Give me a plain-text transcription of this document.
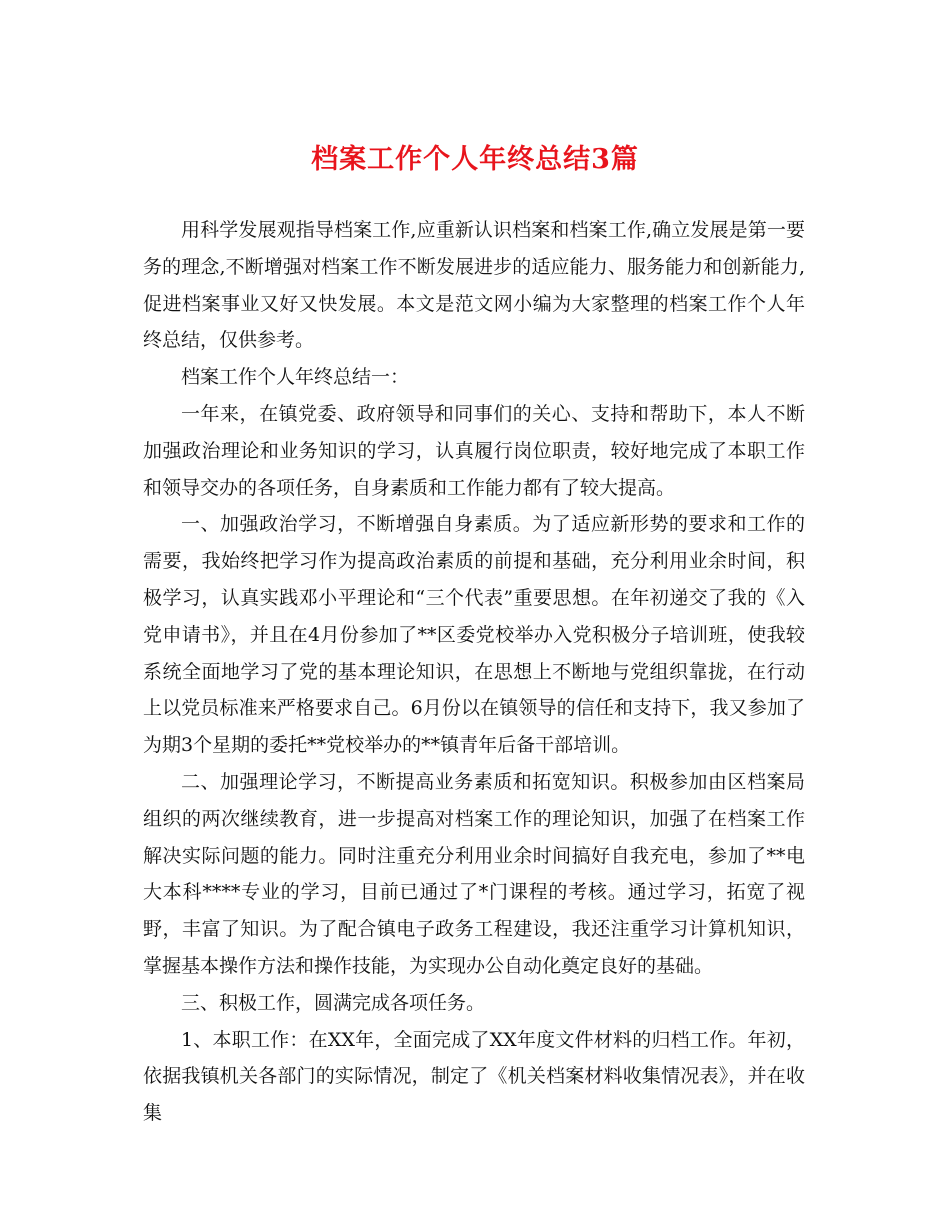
档案工作个人年终总结3篇

用科学发展观指导档案工作,应重新认识档案和档案工作,确立发展是第一要务的理念,不断增强对档案工作不断发展进步的适应能力、服务能力和创新能力,促进档案事业又好又快发展。本文是范文网小编为大家整理的档案工作个人年终总结，仅供参考。

档案工作个人年终总结一：

一年来，在镇党委、政府领导和同事们的关心、支持和帮助下，本人不断加强政治理论和业务知识的学习，认真履行岗位职责，较好地完成了本职工作和领导交办的各项任务，自身素质和工作能力都有了较大提高。

一、加强政治学习，不断增强自身素质。为了适应新形势的要求和工作的需要，我始终把学习作为提高政治素质的前提和基础，充分利用业余时间，积极学习，认真实践邓小平理论和“三个代表”重要思想。在年初递交了我的《入党申请书》，并且在4月份参加了**区委党校举办入党积极分子培训班，使我较系统全面地学习了党的基本理论知识，在思想上不断地与党组织靠拢，在行动上以党员标准来严格要求自己。6月份以在镇领导的信任和支持下，我又参加了为期3个星期的委托**党校举办的**镇青年后备干部培训。

二、加强理论学习，不断提高业务素质和拓宽知识。积极参加由区档案局组织的两次继续教育，进一步提高对档案工作的理论知识，加强了在档案工作解决实际问题的能力。同时注重充分利用业余时间搞好自我充电，参加了**电大本科****专业的学习，目前已通过了*门课程的考核。通过学习，拓宽了视野，丰富了知识。为了配合镇电子政务工程建设，我还注重学习计算机知识，掌握基本操作方法和操作技能，为实现办公自动化奠定良好的基础。

三、积极工作，圆满完成各项任务。

1、本职工作：在XX年，全面完成了XX年度文件材料的归档工作。年初，依据我镇机关各部门的实际情况，制定了《机关档案材料收集情况表》，并在收集
